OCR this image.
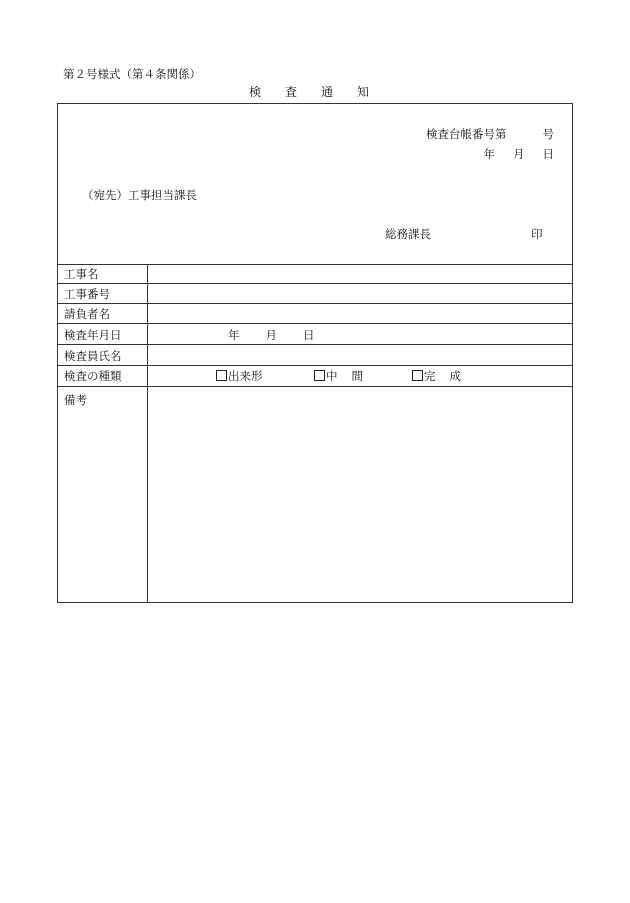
第２号様式（第４条関係）
検査通知
検査台帳番号第	号
年 月 日
（宛先）工事担当課長
総務課長	印
工事名
工事番号
請負者名
検査年月日	年 月 日
検査員氏名
検査の種類	出来形	中 間	完 成
備考
